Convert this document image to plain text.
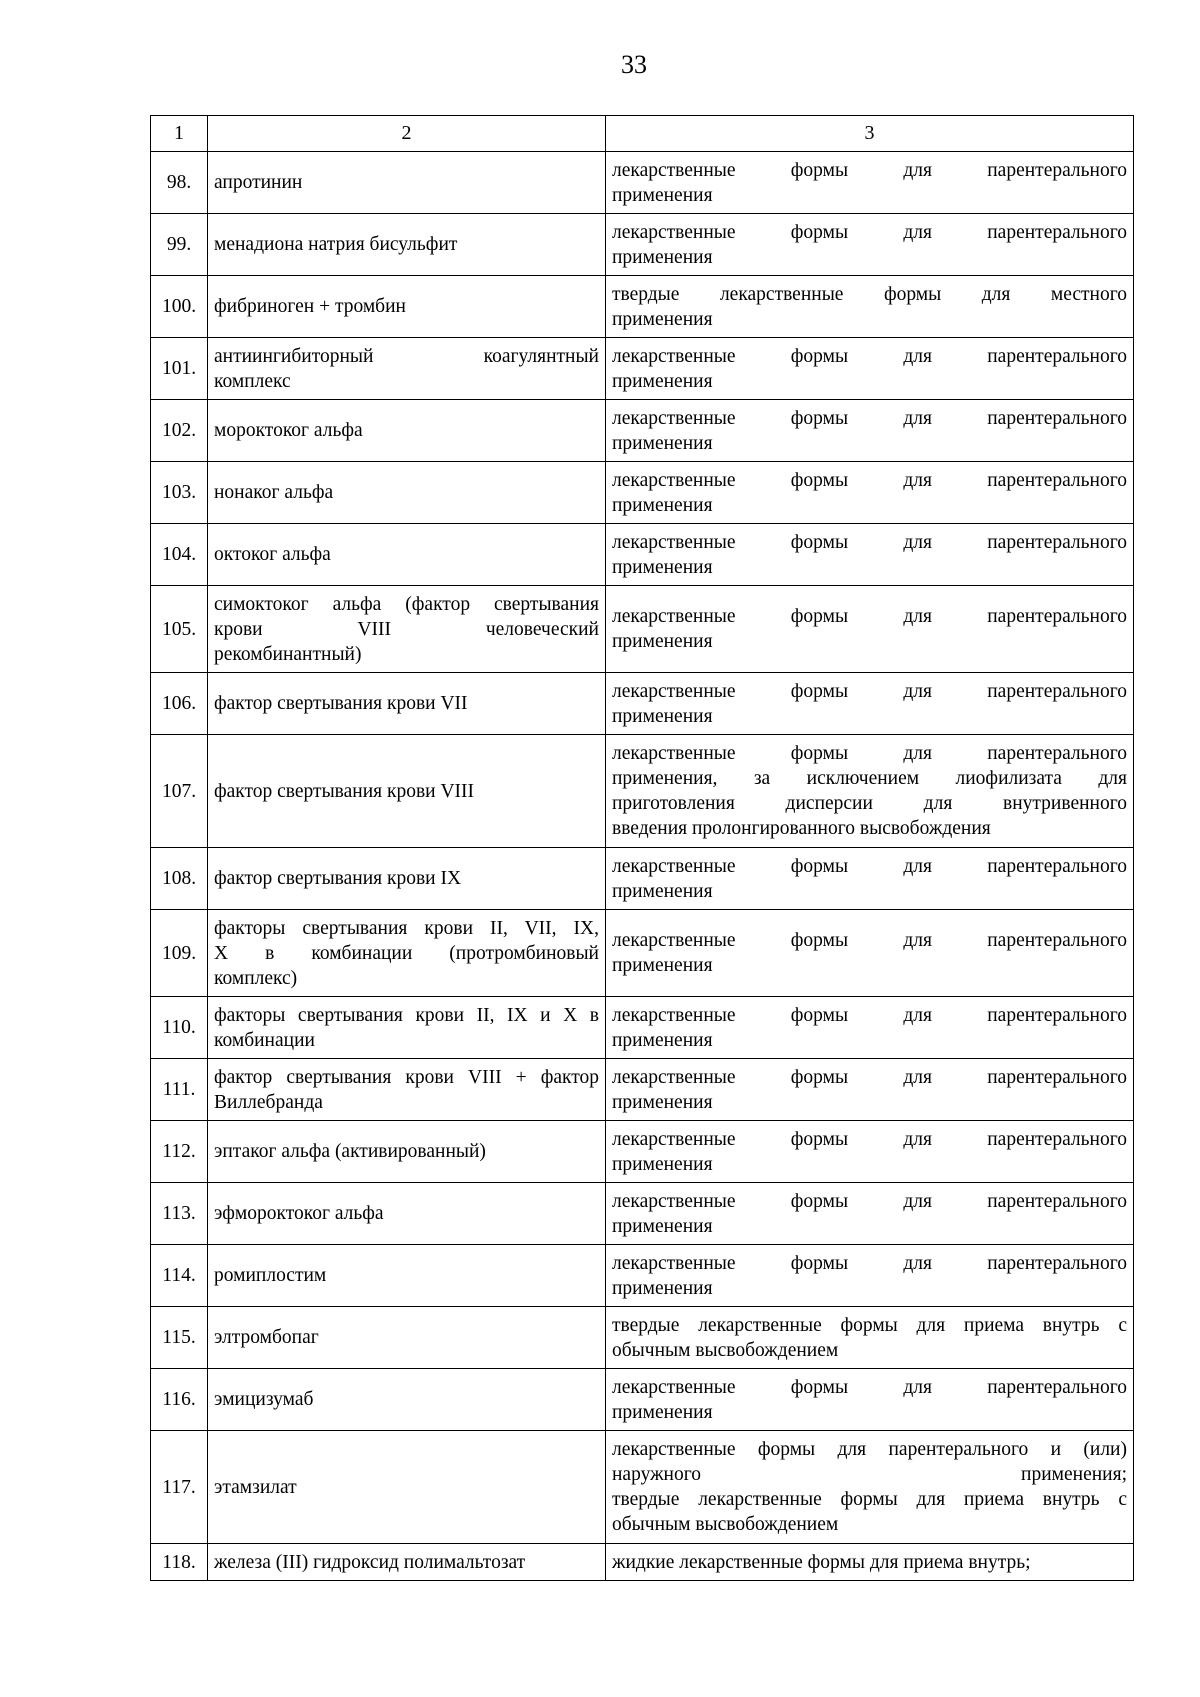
33
1	2	3
98.	апротинин	лекарственные формы для парентерального
применения

99.	менадиона натрия бисульфит	лекарственные формы для парентерального
применения

100.	фибриноген + тромбин	твердые лекарственные формы для местного
применения

101.	антиингибиторный коагулянтный
комплекс	лекарственные формы для парентерального
применения

102.	мороктоког альфа	лекарственные формы для парентерального
применения

103.	нонаког альфа	лекарственные формы для парентерального
применения

104.	октоког альфа	лекарственные формы для парентерального
применения

105.	симоктоког альфа (фактор свертывания
крови VIII человеческий
рекомбинантный)	лекарственные формы для парентерального
применения

106.	фактор свертывания крови VII	лекарственные формы для парентерального
применения

107.	фактор свертывания крови VIII	лекарственные формы для парентерального
применения, за исключением лиофилизата для
приготовления дисперсии для внутривенного
введения пролонгированного высвобождения

108.	фактор свертывания крови IX	лекарственные формы для парентерального
применения

109.	факторы свертывания крови II, VII, IX,
X в комбинации (протромбиновый
комплекс)	лекарственные формы для парентерального
применения

110.	факторы свертывания крови II, IX и X в
комбинации	лекарственные формы для парентерального
применения

111.	фактор свертывания крови VIII + фактор
Виллебранда	лекарственные формы для парентерального
применения

112.	эптаког альфа (активированный)	лекарственные формы для парентерального
применения

113.	эфмороктоког альфа	лекарственные формы для парентерального
применения

114.	ромиплостим	лекарственные формы для парентерального
применения

115.	элтромбопаг	твердые лекарственные формы для приема внутрь с
обычным высвобождением

116.	эмицизумаб	лекарственные формы для парентерального
применения

117.	этамзилат	лекарственные формы для парентерального и (или)
наружного применения;
твердые лекарственные формы для приема внутрь с
обычным высвобождением

118.	железа (III) гидроксид полимальтозат	жидкие лекарственные формы для приема внутрь;
